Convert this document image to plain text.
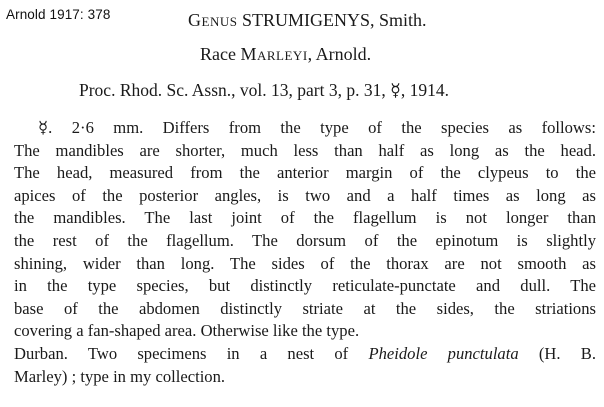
Arnold 1917: 378	Genus STRUMIGENYS, Smith.
Race Marleyi, Arnold.
Proc. Rhod. Sc. Assn., vol. 13, part 3, p. 31, ☿, 1914.

☿. 2·6 mm. Differs from the type of the species as follows:

The mandibles are shorter, much less than half as long as the head.

The head, measured from the anterior margin of the clypeus to the

apices of the posterior angles, is two and a half times as long as

the mandibles. The last joint of the flagellum is not longer than

the rest of the flagellum. The dorsum of the epinotum is slightly

shining, wider than long. The sides of the thorax are not smooth as

in the type species, but distinctly reticulate-punctate and dull. The

base of the abdomen distinctly striate at the sides, the striations

covering a fan-shaped area. Otherwise like the type.

Durban. Two specimens in a nest of Pheidole punctulata (H. B.

Marley) ; type in my collection.
